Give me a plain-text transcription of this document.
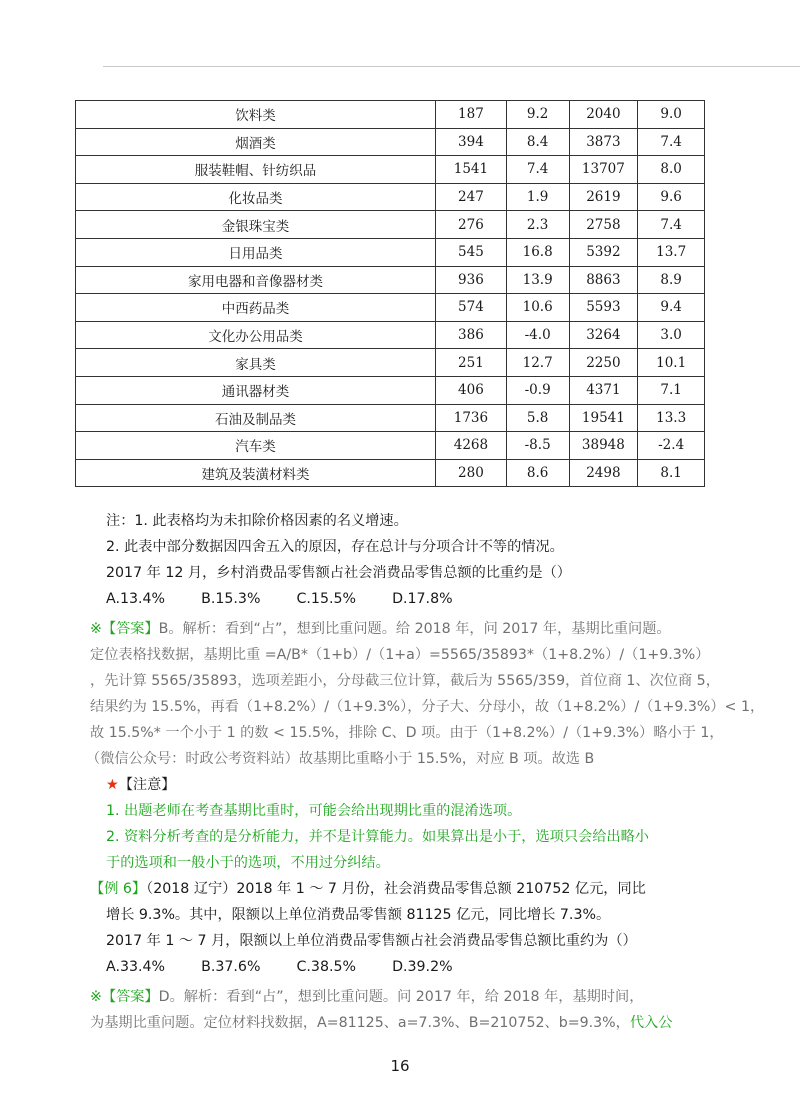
饮料类	187	9.2	2040	9.0
烟酒类	394	8.4	3873	7.4
服装鞋帽、针纺织品	1541	7.4	13707	8.0
化妆品类	247	1.9	2619	9.6
金银珠宝类	276	2.3	2758	7.4
日用品类	545	16.8	5392	13.7
家用电器和音像器材类	936	13.9	8863	8.9
中西药品类	574	10.6	5593	9.4
文化办公用品类	386	-4.0	3264	3.0
家具类	251	12.7	2250	10.1
通讯器材类	406	-0.9	4371	7.1
石油及制品类	1736	5.8	19541	13.3
汽车类	4268	-8.5	38948	-2.4
建筑及装潢材料类	280	8.6	2498	8.1
注：1. 此表格均为未扣除价格因素的名义增速。
2. 此表中部分数据因四舍五入的原因，存在总计与分项合计不等的情况。
2017 年 12 月，乡村消费品零售额占社会消费品零售总额的比重约是（）
A.13.4%        B.15.3%        C.15.5%        D.17.8%
※【答案】B。解析：看到“占”，想到比重问题。给 2018 年，问 2017 年，基期比重问题。
定位表格找数据，基期比重 =A/B*（1+b）/（1+a）=5565/35893*（1+8.2%）/（1+9.3%）
，先计算 5565/35893，选项差距小，分母截三位计算，截后为 5565/359，首位商 1、次位商 5，
结果约为 15.5%，再看（1+8.2%）/（1+9.3%），分子大、分母小，故（1+8.2%）/（1+9.3%）< 1，
故 15.5%* 一个小于 1 的数 < 15.5%，排除 C、D 项。由于（1+8.2%）/（1+9.3%）略小于 1，
（微信公众号：时政公考资料站）故基期比重略小于 15.5%，对应 B 项。故选 B
★【注意】
1. 出题老师在考查基期比重时，可能会给出现期比重的混淆选项。
2. 资料分析考查的是分析能力，并不是计算能力。如果算出是小于，选项只会给出略小
于的选项和一般小于的选项，不用过分纠结。
【例 6】（2018 辽宁）2018 年 1 ～ 7 月份，社会消费品零售总额 210752 亿元，同比
增长 9.3%。其中，限额以上单位消费品零售额 81125 亿元，同比增长 7.3%。
2017 年 1 ～ 7 月，限额以上单位消费品零售额占社会消费品零售总额比重约为（）
A.33.4%        B.37.6%        C.38.5%        D.39.2%
※【答案】D。解析：看到“占”，想到比重问题。问 2017 年，给 2018 年，基期时间，
为基期比重问题。定位材料找数据，A=81125、a=7.3%、B=210752、b=9.3%，代入公
16
